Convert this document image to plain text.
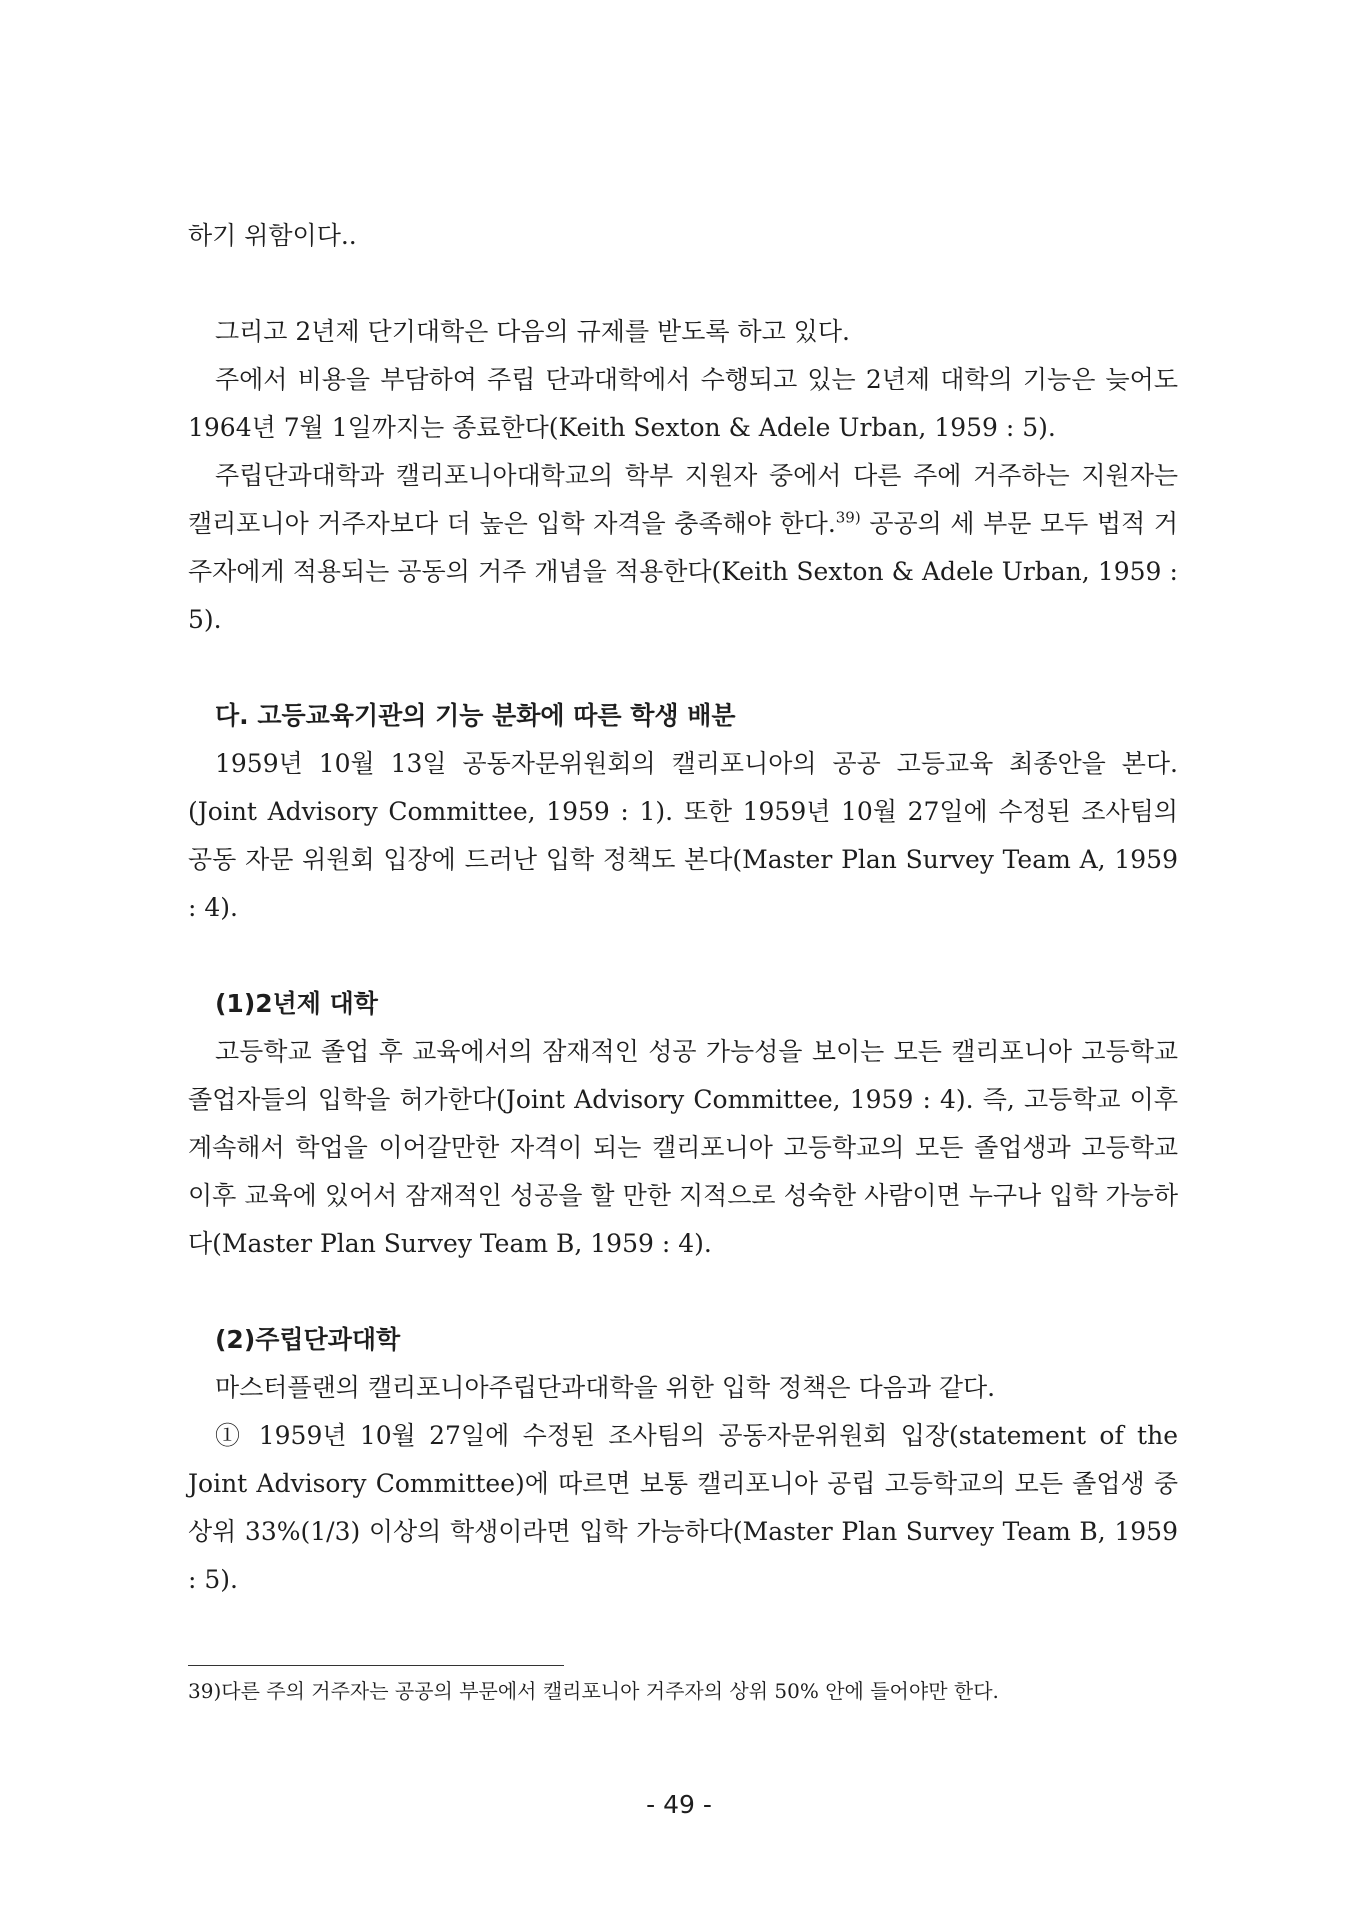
하기 위함이다..

그리고 2년제 단기대학은 다음의 규제를 받도록 하고 있다.

주에서 비용을 부담하여 주립 단과대학에서 수행되고 있는 2년제 대학의 기능은 늦어도 1964년 7월 1일까지는 종료한다(Keith Sexton & Adele Urban, 1959 : 5).

주립단과대학과 캘리포니아대학교의 학부 지원자 중에서 다른 주에 거주하는 지원자는 캘리포니아 거주자보다 더 높은 입학 자격을 충족해야 한다.$^{39)}$ 공공의 세 부문 모두 법적 거주자에게 적용되는 공동의 거주 개념을 적용한다(Keith Sexton & Adele Urban, 1959 : 5).

다. 고등교육기관의 기능 분화에 따른 학생 배분

1959년 10월 13일 공동자문위원회의 캘리포니아의 공공 고등교육 최종안을 본다.(Joint Advisory Committee, 1959 : 1). 또한 1959년 10월 27일에 수정된 조사팀의 공동 자문 위원회 입장에 드러난 입학 정책도 본다(Master Plan Survey Team A, 1959 : 4).

(1)2년제 대학

고등학교 졸업 후 교육에서의 잠재적인 성공 가능성을 보이는 모든 캘리포니아 고등학교 졸업자들의 입학을 허가한다(Joint Advisory Committee, 1959 : 4). 즉, 고등학교 이후 계속해서 학업을 이어갈만한 자격이 되는 캘리포니아 고등학교의 모든 졸업생과 고등학교 이후 교육에 있어서 잠재적인 성공을 할 만한 지적으로 성숙한 사람이면 누구나 입학 가능하다(Master Plan Survey Team B, 1959 : 4).

(2)주립단과대학

마스터플랜의 캘리포니아주립단과대학을 위한 입학 정책은 다음과 같다.

① 1959년 10월 27일에 수정된 조사팀의 공동자문위원회 입장(statement of the Joint Advisory Committee)에 따르면 보통 캘리포니아 공립 고등학교의 모든 졸업생 중 상위 33%(1/3) 이상의 학생이라면 입학 가능하다(Master Plan Survey Team B, 1959 : 5).

39)다른 주의 거주자는 공공의 부문에서 캘리포니아 거주자의 상위 50% 안에 들어야만 한다.

- 49 -
